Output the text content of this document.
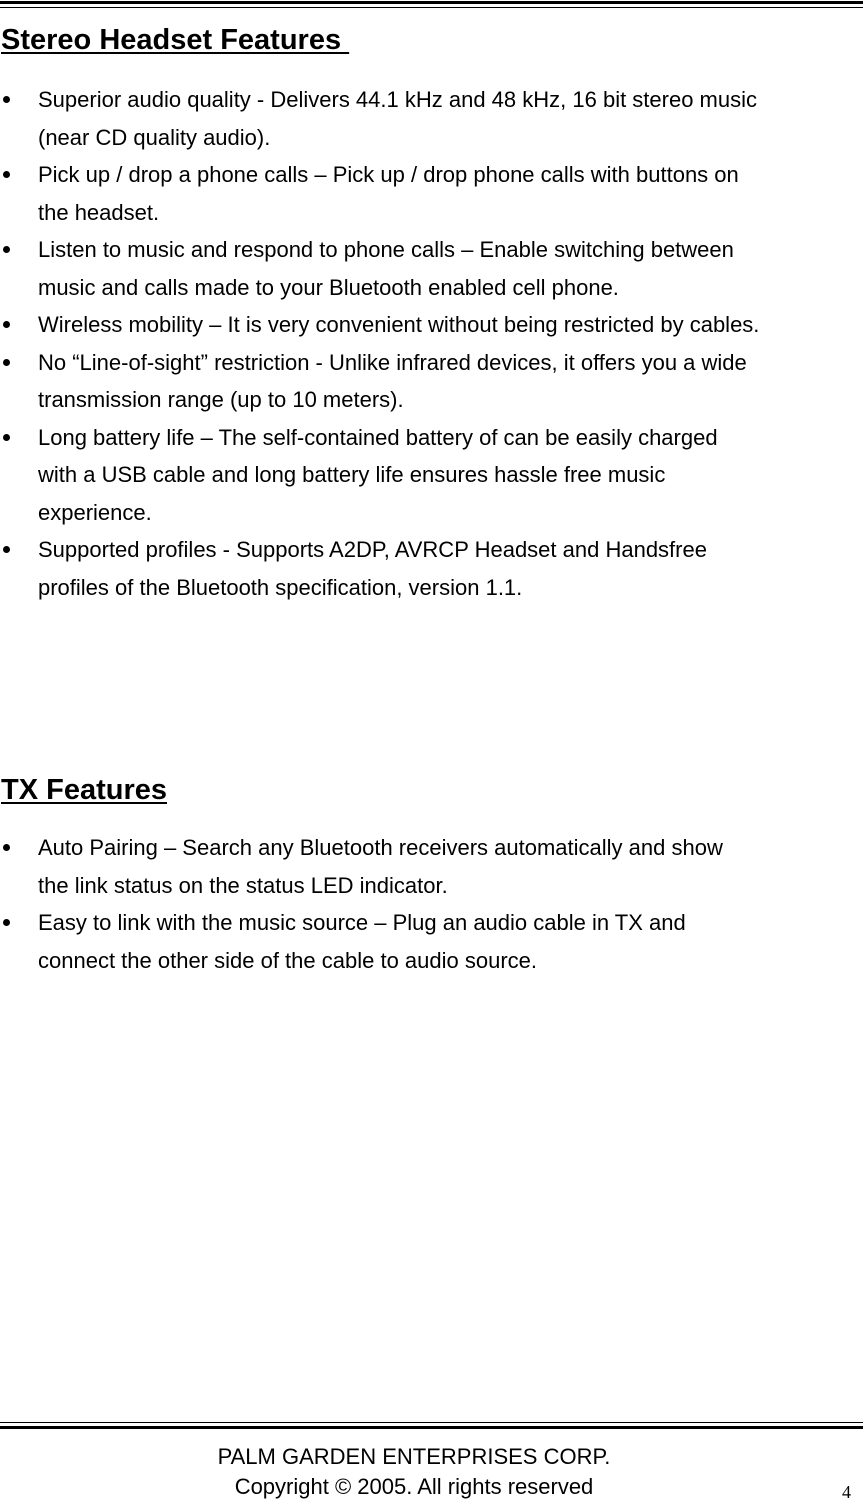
Stereo Headset Features
Superior audio quality - Delivers 44.1 kHz and 48 kHz, 16 bit stereo music
(near CD quality audio).
Pick up / drop a phone calls – Pick up / drop phone calls with buttons on
the headset.
Listen to music and respond to phone calls – Enable switching between
music and calls made to your Bluetooth enabled cell phone.
Wireless mobility – It is very convenient without being restricted by cables.
No “Line-of-sight” restriction - Unlike infrared devices, it offers you a wide
transmission range (up to 10 meters).
Long battery life – The self-contained battery of can be easily charged
with a USB cable and long battery life ensures hassle free music
experience.
Supported profiles - Supports A2DP, AVRCP Headset and Handsfree
profiles of the Bluetooth specification, version 1.1.
TX Features
Auto Pairing – Search any Bluetooth receivers automatically and show
the link status on the status LED indicator.
Easy to link with the music source – Plug an audio cable in TX and
connect the other side of the cable to audio source.
PALM GARDEN ENTERPRISES CORP.
Copyright © 2005. All rights reserved	4
